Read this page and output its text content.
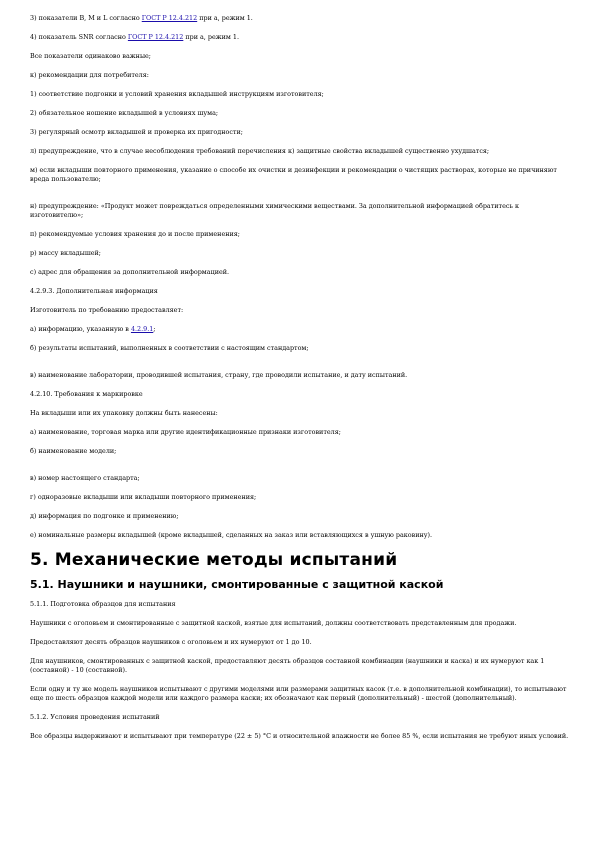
3) показатели В, М и L согласно ГОСТ Р 12.4.212 при а, режим 1.

4) показатель SNR согласно ГОСТ Р 12.4.212 при а, режим 1.

Все показатели одинаково важные;

к) рекомендации для потребителя:

1) соответствие подгонки и условий хранения вкладышей инструкциям изготовителя;

2) обязательное ношение вкладышей в условиях шума;

3) регулярный осмотр вкладышей и проверка их пригодности;

л) предупреждение, что в случае несоблюдения требований перечисления к) защитные свойства вкладышей существенно ухудшатся;

м) если вкладыши повторного применения, указание о способе их очистки и дезинфекции и рекомендации о чистящих растворах, которые не причиняют вреда пользователю;

н) предупреждение: «Продукт может повреждаться определенными химическими веществами. За дополнительной информацией обратитесь к изготовителю»;

п) рекомендуемые условия хранения до и после применения;

р) массу вкладышей;

с) адрес для обращения за дополнительной информацией.

4.2.9.3. Дополнительная информация

Изготовитель по требованию предоставляет:

а) информацию, указанную в 4.2.9.1;

б) результаты испытаний, выполненных в соответствии с настоящим стандартом;

в) наименование лаборатории, проводившей испытания, страну, где проводили испытание, и дату испытаний.

4.2.10. Требования к маркировке

На вкладыши или их упаковку должны быть нанесены:

а) наименование, торговая марка или другие идентификационные признаки изготовителя;

б) наименование модели;

в) номер настоящего стандарта;

г) одноразовые вкладыши или вкладыши повторного применения;

д) информация по подгонке и применению;

е) номинальные размеры вкладышей (кроме вкладышей, сделанных на заказ или вставляющихся в ушную раковину).

5. Механические методы испытаний
5.1. Наушники и наушники, смонтированные с защитной каской

5.1.1. Подготовка образцов для испытания

Наушники с оголовьем и смонтированные с защитной каской, взятые для испытаний, должны соответствовать представленным для продажи.

Предоставляют десять образцов наушников с оголовьем и их нумеруют от 1 до 10.

Для наушников, смонтированных с защитной каской, предоставляют десять образцов составной комбинации (наушники и каска) и их нумеруют как 1 (составной) - 10 (составной).

Если одну и ту же модель наушников испытывают с другими моделями или размерами защитных касок (т.е. в дополнительной комбинации), то испытывают еще по шесть образцов каждой модели или каждого размера каски; их обозначают как первый (дополнительный) - шестой (дополнительный).

5.1.2. Условия проведения испытаний

Все образцы выдерживают и испытывают при температуре (22 ± 5) °С и относительной влажности не более 85 %, если испытания не требуют иных условий.
